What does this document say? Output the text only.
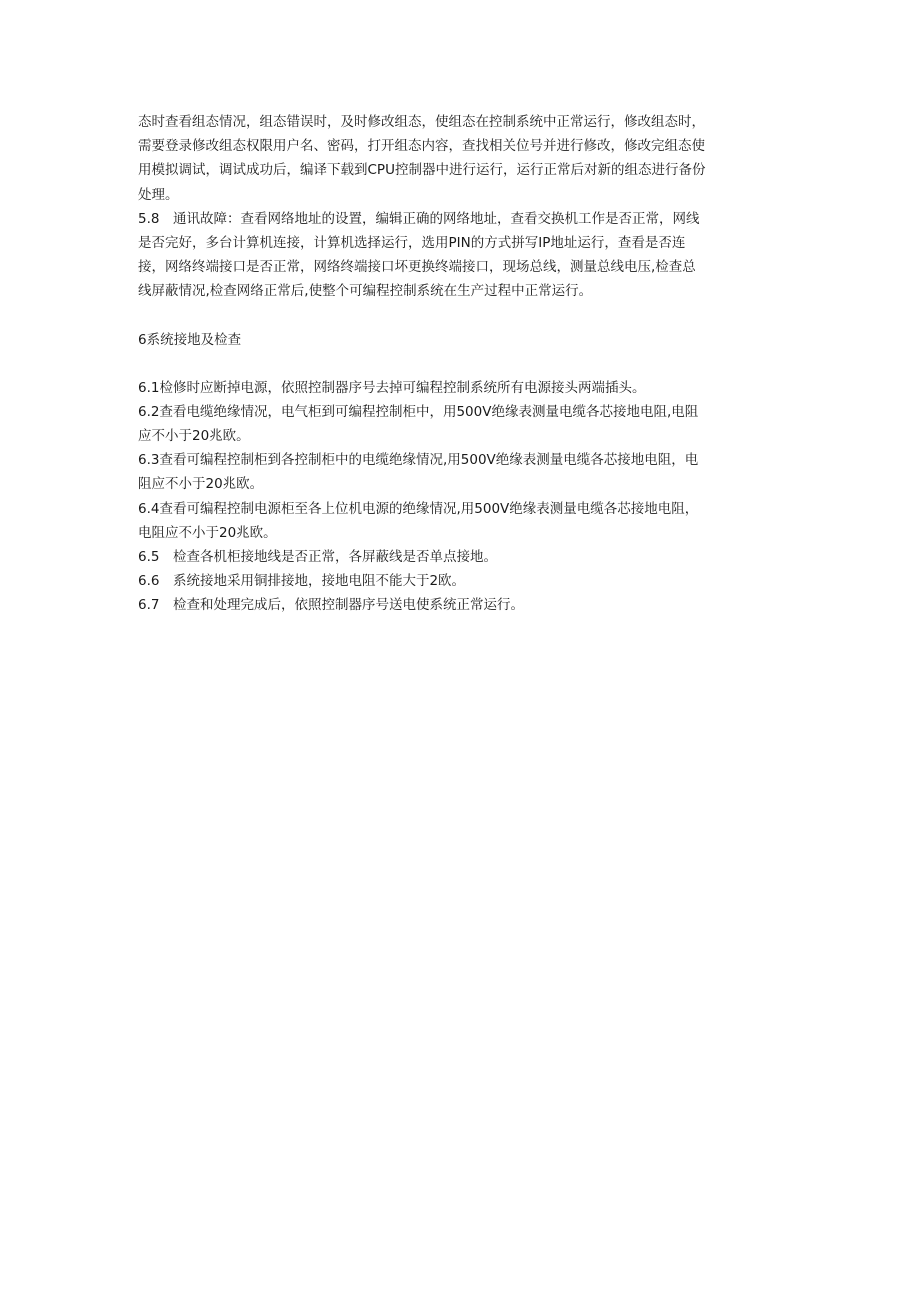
态时查看组态情况，组态错误时，及时修改组态，使组态在控制系统中正常运行，修改组态时，
需要登录修改组态权限用户名、密码，打开组态内容，查找相关位号并进行修改，修改完组态使
用模拟调试，调试成功后，编译下载到CPU控制器中进行运行，运行正常后对新的组态进行备份
处理。
5.8　通讯故障：查看网络地址的设置，编辑正确的网络地址，查看交换机工作是否正常，网线
是否完好，多台计算机连接，计算机选择运行，选用PIN的方式拼写IP地址运行，查看是否连
接，网络终端接口是否正常，网络终端接口坏更换终端接口，现场总线，测量总线电压,检查总
线屏蔽情况,检查网络正常后,使整个可编程控制系统在生产过程中正常运行。
6系统接地及检查
6.1检修时应断掉电源，依照控制器序号去掉可编程控制系统所有电源接头两端插头。
6.2查看电缆绝缘情况，电气柜到可编程控制柜中，用500V绝缘表测量电缆各芯接地电阻,电阻
应不小于20兆欧。
6.3查看可编程控制柜到各控制柜中的电缆绝缘情况,用500V绝缘表测量电缆各芯接地电阻，电
阻应不小于20兆欧。
6.4查看可编程控制电源柜至各上位机电源的绝缘情况,用500V绝缘表测量电缆各芯接地电阻，
电阻应不小于20兆欧。
6.5　检查各机柜接地线是否正常，各屏蔽线是否单点接地。
6.6　系统接地采用铜排接地，接地电阻不能大于2欧。
6.7　检查和处理完成后，依照控制器序号送电使系统正常运行。
